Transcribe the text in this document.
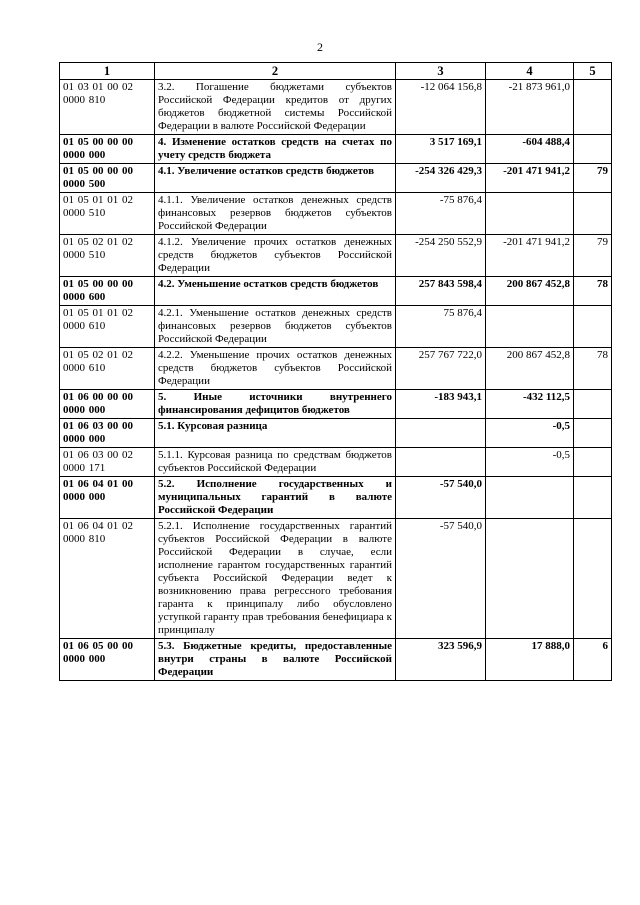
2
1	2	3	4	5
01 03 01 00 02 0000 810	3.2. Погашение бюджетами субъектов Российской Федерации кредитов от других бюджетов бюджетной системы Российской Федерации в валюте Российской Федерации	-12 064 156,8	-21 873 961,0	
01 05 00 00 00 0000 000	4. Изменение остатков средств на счетах по учету средств бюджета	3 517 169,1	-604 488,4	
01 05 00 00 00 0000 500	4.1. Увеличение остатков средств бюджетов	-254 326 429,3	-201 471 941,2	79
01 05 01 01 02 0000 510	4.1.1. Увеличение остатков денежных средств финансовых резервов бюджетов субъектов Российской Федерации	-75 876,4		
01 05 02 01 02 0000 510	4.1.2. Увеличение прочих остатков денежных средств бюджетов субъектов Российской Федерации	-254 250 552,9	-201 471 941,2	79
01 05 00 00 00 0000 600	4.2. Уменьшение остатков средств бюджетов	257 843 598,4	200 867 452,8	78
01 05 01 01 02 0000 610	4.2.1. Уменьшение остатков денежных средств финансовых резервов бюджетов субъектов Российской Федерации	75 876,4		
01 05 02 01 02 0000 610	4.2.2. Уменьшение прочих остатков денежных средств бюджетов субъектов Российской Федерации	257 767 722,0	200 867 452,8	78
01 06 00 00 00 0000 000	5. Иные источники внутреннего финансирования дефицитов бюджетов	-183 943,1	-432 112,5	
01 06 03 00 00 0000 000	5.1. Курсовая разница		-0,5	
01 06 03 00 02 0000 171	5.1.1. Курсовая разница по средствам бюджетов субъектов Российской Федерации		-0,5	
01 06 04 01 00 0000 000	5.2. Исполнение государственных и муниципальных гарантий в валюте Российской Федерации	-57 540,0		
01 06 04 01 02 0000 810	5.2.1. Исполнение государственных гарантий субъектов Российской Федерации в валюте Российской Федерации в случае, если исполнение гарантом государственных гарантий субъекта Российской Федерации ведет к возникновению права регрессного требования гаранта к принципалу либо обусловлено уступкой гаранту прав требования бенефициара к принципалу	-57 540,0		
01 06 05 00 00 0000 000	5.3. Бюджетные кредиты, предоставленные внутри страны в валюте Российской Федерации	323 596,9	17 888,0	6
